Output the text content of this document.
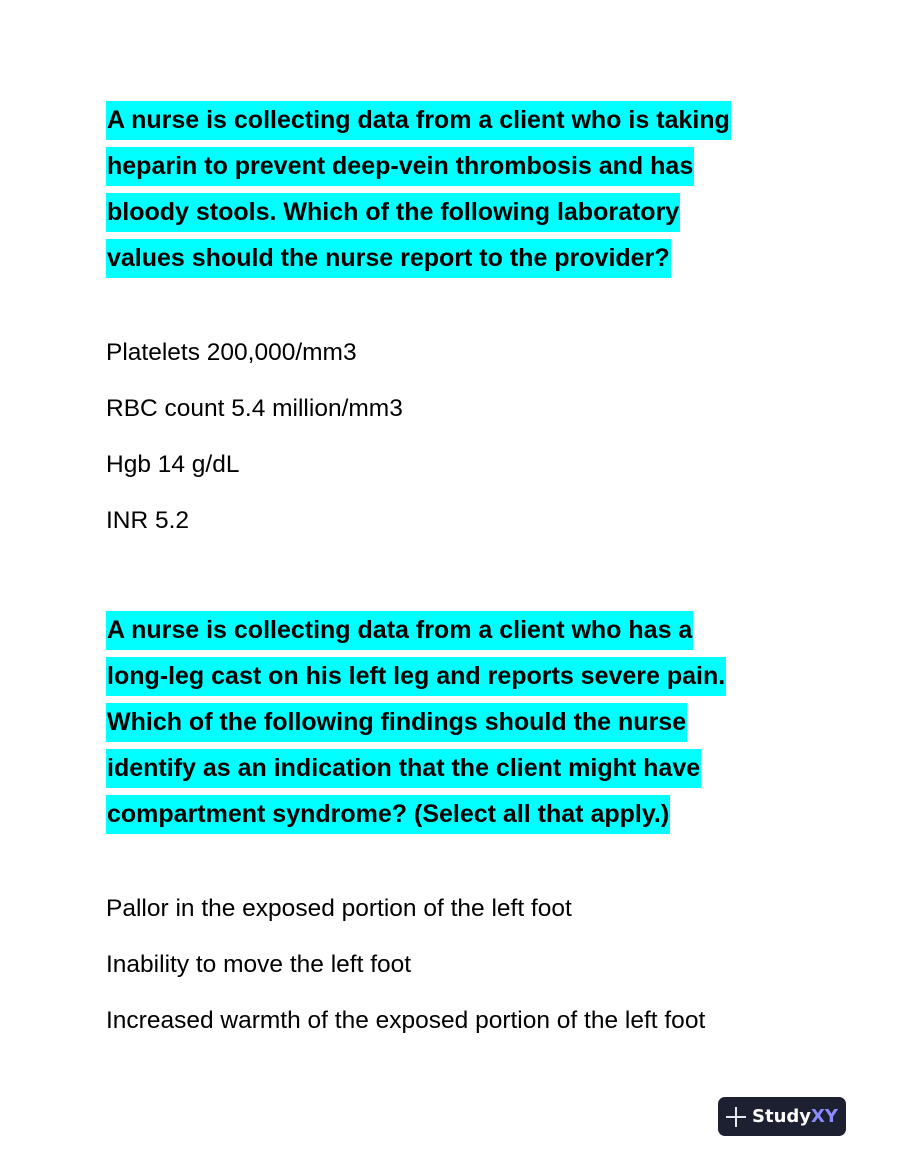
A nurse is collecting data from a client who is taking
heparin to prevent deep-vein thrombosis and has
bloody stools. Which of the following laboratory
values should the nurse report to the provider?
Platelets 200,000/mm3
RBC count 5.4 million/mm3
Hgb 14 g/dL
INR 5.2
A nurse is collecting data from a client who has a
long-leg cast on his left leg and reports severe pain.
Which of the following findings should the nurse
identify as an indication that the client might have
compartment syndrome? (Select all that apply.)
Pallor in the exposed portion of the left foot
Inability to move the left foot
Increased warmth of the exposed portion of the left foot
StudyXY
